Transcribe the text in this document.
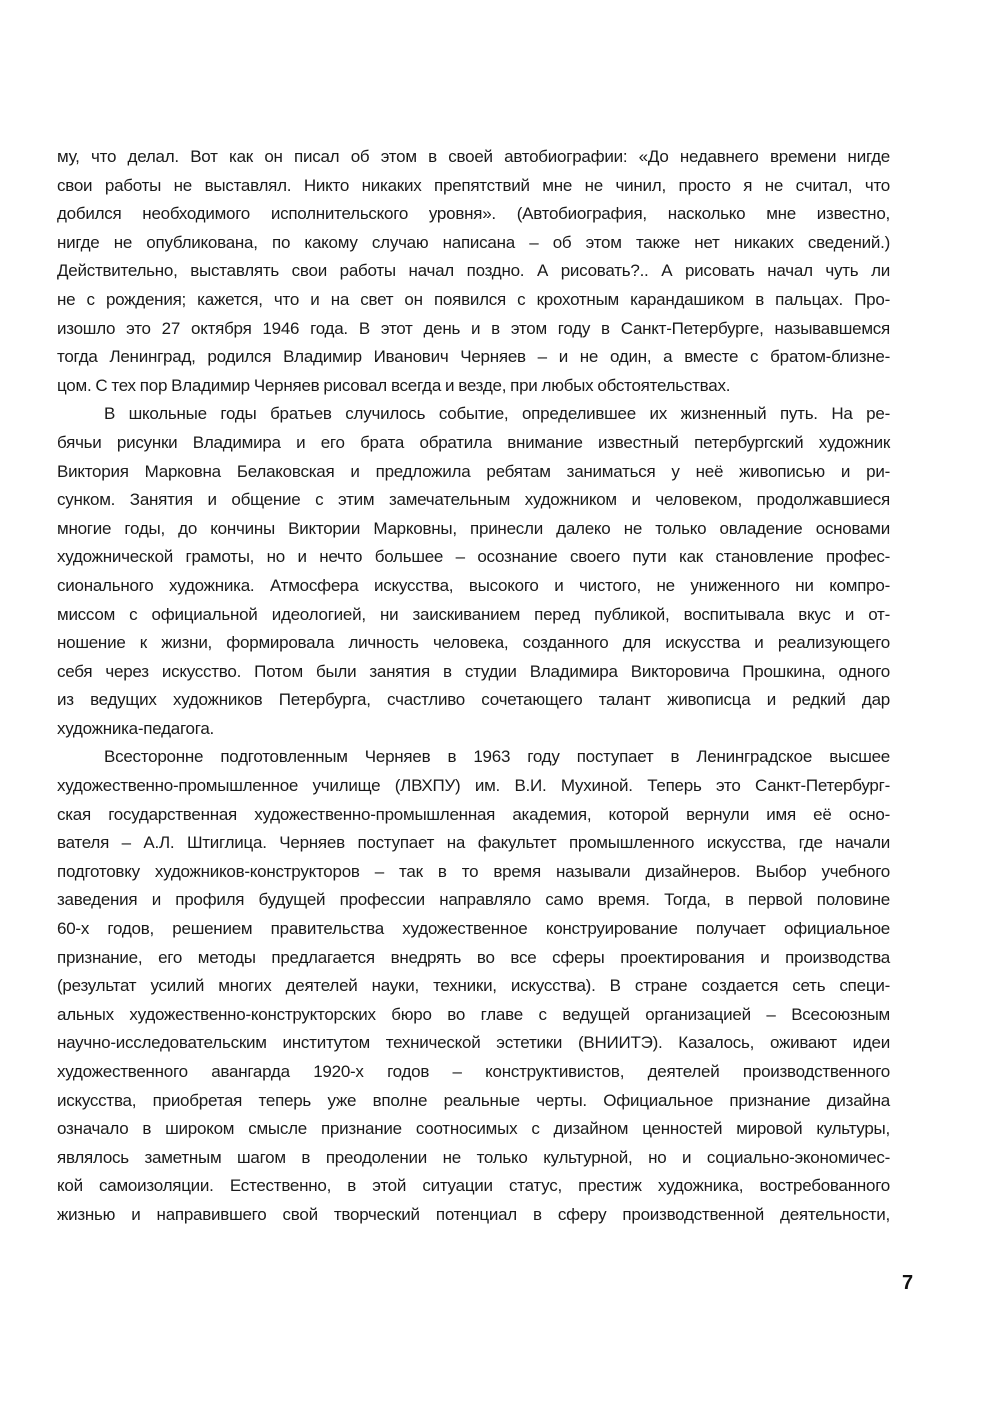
му, что делал. Вот как он писал об этом в своей автобиографии: «До недавнего времени нигде
свои работы не выставлял. Никто никаких препятствий мне не чинил, просто я не считал, что
добился необходимого исполнительского уровня». (Автобиография, насколько мне известно,
нигде не опубликована, по какому случаю написана – об этом также нет никаких сведений.)
Действительно, выставлять свои работы начал поздно. А рисовать?.. А рисовать начал чуть ли
не с рождения; кажется, что и на свет он появился с крохотным карандашиком в пальцах. Про-
изошло это 27 октября 1946 года. В этот день и в этом году в Санкт-Петербурге, называвшемся
тогда Ленинград, родился Владимир Иванович Черняев – и не один, а вместе с братом-близне-
цом. С тех пор Владимир Черняев рисовал всегда и везде, при любых обстоятельствах.
В школьные годы братьев случилось событие, определившее их жизненный путь. На ре-
бячьи рисунки Владимира и его брата обратила внимание известный петербургский художник
Виктория Марковна Белаковская и предложила ребятам заниматься у неё живописью и ри-
сунком. Занятия и общение с этим замечательным художником и человеком, продолжавшиеся
многие годы, до кончины Виктории Марковны, принесли далеко не только овладение основами
художнической грамоты, но и нечто большее – осознание своего пути как становление профес-
сионального художника. Атмосфера искусства, высокого и чистого, не униженного ни компро-
миссом с официальной идеологией, ни заискиванием перед публикой, воспитывала вкус и от-
ношение к жизни, формировала личность человека, созданного для искусства и реализующего
себя через искусство. Потом были занятия в студии Владимира Викторовича Прошкина, одного
из ведущих художников Петербурга, счастливо сочетающего талант живописца и редкий дар
художника-педагога.
Всесторонне подготовленным Черняев в 1963 году поступает в Ленинградское высшее
художественно-промышленное училище (ЛВХПУ) им. В.И. Мухиной. Теперь это Санкт-Петербург-
ская государственная художественно-промышленная академия, которой вернули имя её осно-
вателя – А.Л. Штиглица. Черняев поступает на факультет промышленного искусства, где начали
подготовку художников-конструкторов – так в то время называли дизайнеров. Выбор учебного
заведения и профиля будущей профессии направляло само время. Тогда, в первой половине
60-х годов, решением правительства художественное конструирование получает официальное
признание, его методы предлагается внедрять во все сферы проектирования и производства
(результат усилий многих деятелей науки, техники, искусства). В стране создается сеть специ-
альных художественно-конструкторских бюро во главе с ведущей организацией – Всесоюзным
научно-исследовательским институтом технической эстетики (ВНИИТЭ). Казалось, оживают идеи
художественного авангарда 1920-х годов – конструктивистов, деятелей производственного
искусства, приобретая теперь уже вполне реальные черты. Официальное признание дизайна
означало в широком смысле признание соотносимых с дизайном ценностей мировой культуры,
являлось заметным шагом в преодолении не только культурной, но и социально-экономичес-
кой самоизоляции. Естественно, в этой ситуации статус, престиж художника, востребованного
жизнью и направившего свой творческий потенциал в сферу производственной деятельности,
7
